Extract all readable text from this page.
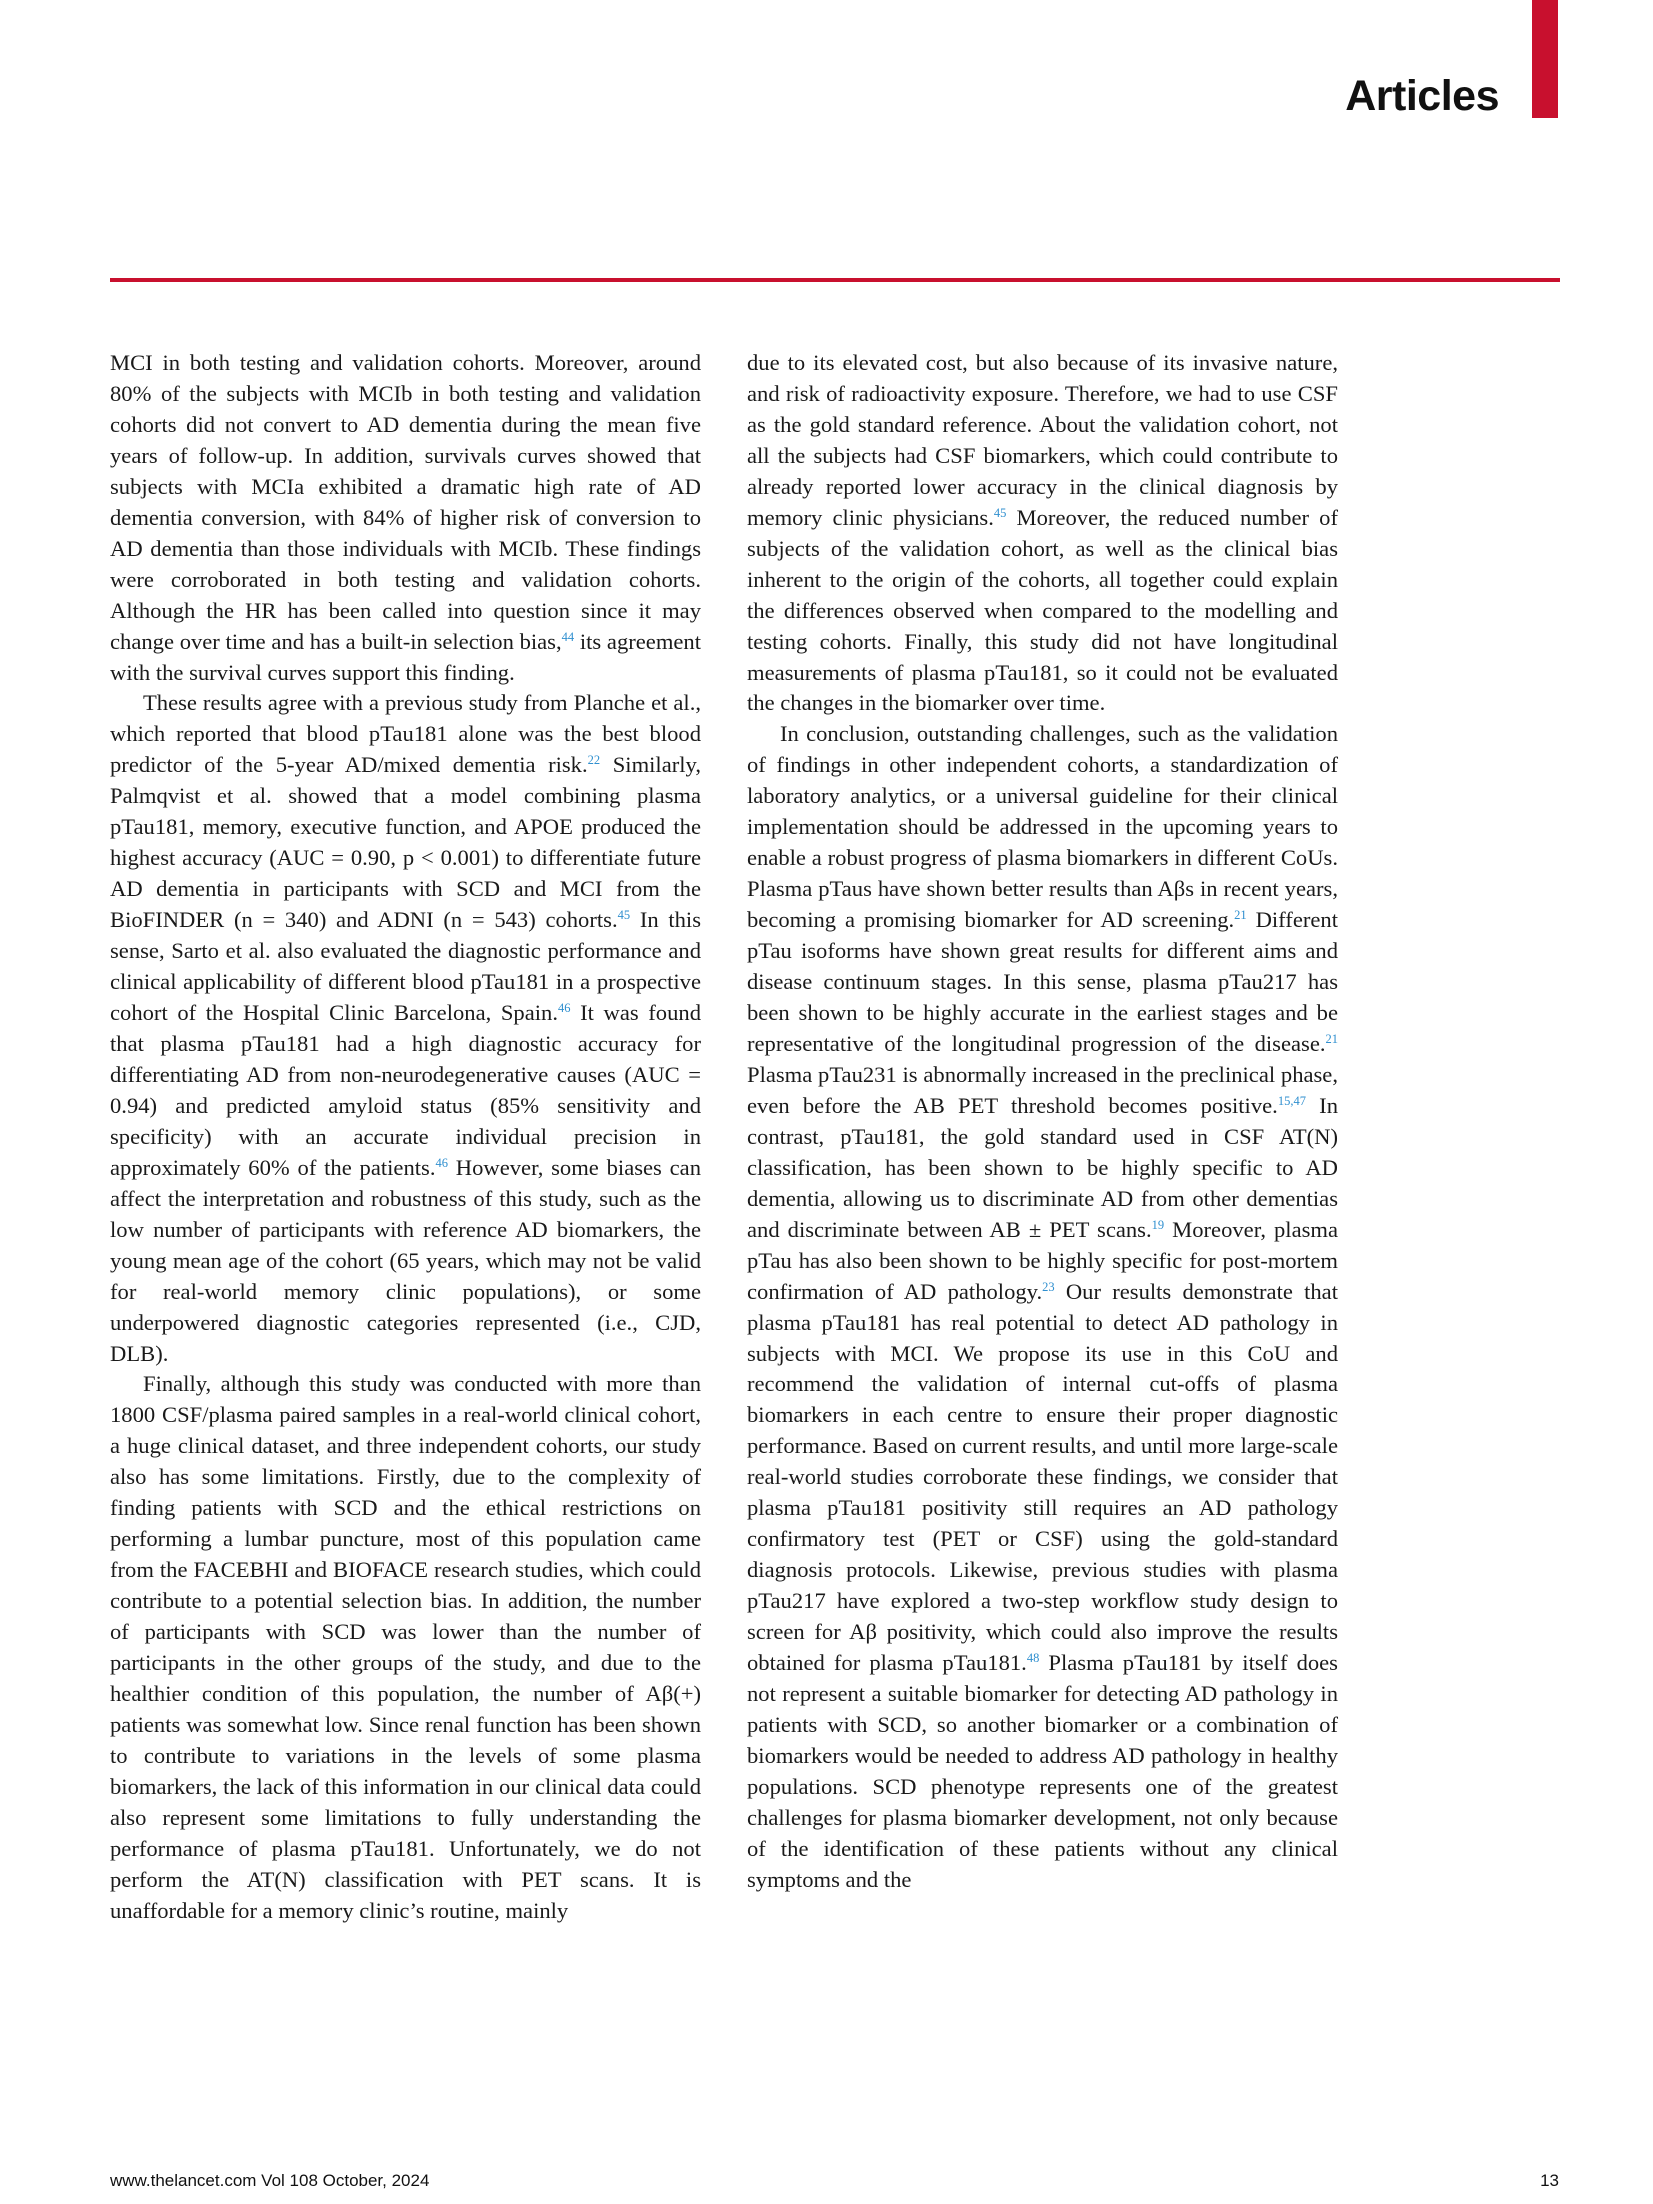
Articles

MCI in both testing and validation cohorts. Moreover, around 80% of the subjects with MCIb in both testing and validation cohorts did not convert to AD dementia during the mean five years of follow-up. In addition, survivals curves showed that subjects with MCIa exhibited a dramatic high rate of AD dementia conversion, with 84% of higher risk of conversion to AD dementia than those individuals with MCIb. These findings were corroborated in both testing and validation cohorts. Although the HR has been called into question since it may change over time and has a built-in selection bias,$^{44}$ its agreement with the survival curves support this finding.

These results agree with a previous study from Planche et al., which reported that blood pTau181 alone was the best blood predictor of the 5-year AD/mixed dementia risk.$^{22}$ Similarly, Palmqvist et al. showed that a model combining plasma pTau181, memory, executive function, and APOE produced the highest accuracy (AUC = 0.90, p < 0.001) to differentiate future AD dementia in participants with SCD and MCI from the BioFINDER (n = 340) and ADNI (n = 543) cohorts.$^{45}$ In this sense, Sarto et al. also evaluated the diagnostic performance and clinical applicability of different blood pTau181 in a prospective cohort of the Hospital Clinic Barcelona, Spain.$^{46}$ It was found that plasma pTau181 had a high diagnostic accuracy for differentiating AD from non-neurodegenerative causes (AUC = 0.94) and predicted amyloid status (85% sensitivity and specificity) with an accurate individual precision in approximately 60% of the patients.$^{46}$ However, some biases can affect the interpretation and robustness of this study, such as the low number of participants with reference AD biomarkers, the young mean age of the cohort (65 years, which may not be valid for real-world memory clinic populations), or some underpowered diagnostic categories represented (i.e., CJD, DLB).

Finally, although this study was conducted with more than 1800 CSF/plasma paired samples in a real-world clinical cohort, a huge clinical dataset, and three independent cohorts, our study also has some limitations. Firstly, due to the complexity of finding patients with SCD and the ethical restrictions on performing a lumbar puncture, most of this population came from the FACEBHI and BIOFACE research studies, which could contribute to a potential selection bias. In addition, the number of participants with SCD was lower than the number of participants in the other groups of the study, and due to the healthier condition of this population, the number of Aβ(+) patients was somewhat low. Since renal function has been shown to contribute to variations in the levels of some plasma biomarkers, the lack of this information in our clinical data could also represent some limitations to fully understanding the performance of plasma pTau181. Unfortunately, we do not perform the AT(N) classification with PET scans. It is unaffordable for a memory clinic’s routine, mainly

due to its elevated cost, but also because of its invasive nature, and risk of radioactivity exposure. Therefore, we had to use CSF as the gold standard reference. About the validation cohort, not all the subjects had CSF biomarkers, which could contribute to already reported lower accuracy in the clinical diagnosis by memory clinic physicians.$^{45}$ Moreover, the reduced number of subjects of the validation cohort, as well as the clinical bias inherent to the origin of the cohorts, all together could explain the differences observed when compared to the modelling and testing cohorts. Finally, this study did not have longitudinal measurements of plasma pTau181, so it could not be evaluated the changes in the biomarker over time.

In conclusion, outstanding challenges, such as the validation of findings in other independent cohorts, a standardization of laboratory analytics, or a universal guideline for their clinical implementation should be addressed in the upcoming years to enable a robust progress of plasma biomarkers in different CoUs. Plasma pTaus have shown better results than Aβs in recent years, becoming a promising biomarker for AD screening.$^{21}$ Different pTau isoforms have shown great results for different aims and disease continuum stages. In this sense, plasma pTau217 has been shown to be highly accurate in the earliest stages and be representative of the longitudinal progression of the disease.$^{21}$ Plasma pTau231 is abnormally increased in the preclinical phase, even before the AB PET threshold becomes positive.$^{15,47}$ In contrast, pTau181, the gold standard used in CSF AT(N) classification, has been shown to be highly specific to AD dementia, allowing us to discriminate AD from other dementias and discriminate between AB ± PET scans.$^{19}$ Moreover, plasma pTau has also been shown to be highly specific for post-mortem confirmation of AD pathology.$^{23}$ Our results demonstrate that plasma pTau181 has real potential to detect AD pathology in subjects with MCI. We propose its use in this CoU and recommend the validation of internal cut-offs of plasma biomarkers in each centre to ensure their proper diagnostic performance. Based on current results, and until more large-scale real-world studies corroborate these findings, we consider that plasma pTau181 positivity still requires an AD pathology confirmatory test (PET or CSF) using the gold-standard diagnosis protocols. Likewise, previous studies with plasma pTau217 have explored a two-step workflow study design to screen for Aβ positivity, which could also improve the results obtained for plasma pTau181.48 Plasma pTau181 by itself does not represent a suitable biomarker for detecting AD pathology in patients with SCD, so another biomarker or a combination of biomarkers would be needed to address AD pathology in healthy populations. SCD phenotype represents one of the greatest challenges for plasma biomarker development, not only because of the identification of these patients without any clinical symptoms and the

www.thelancet.com Vol 108 October, 2024	13
